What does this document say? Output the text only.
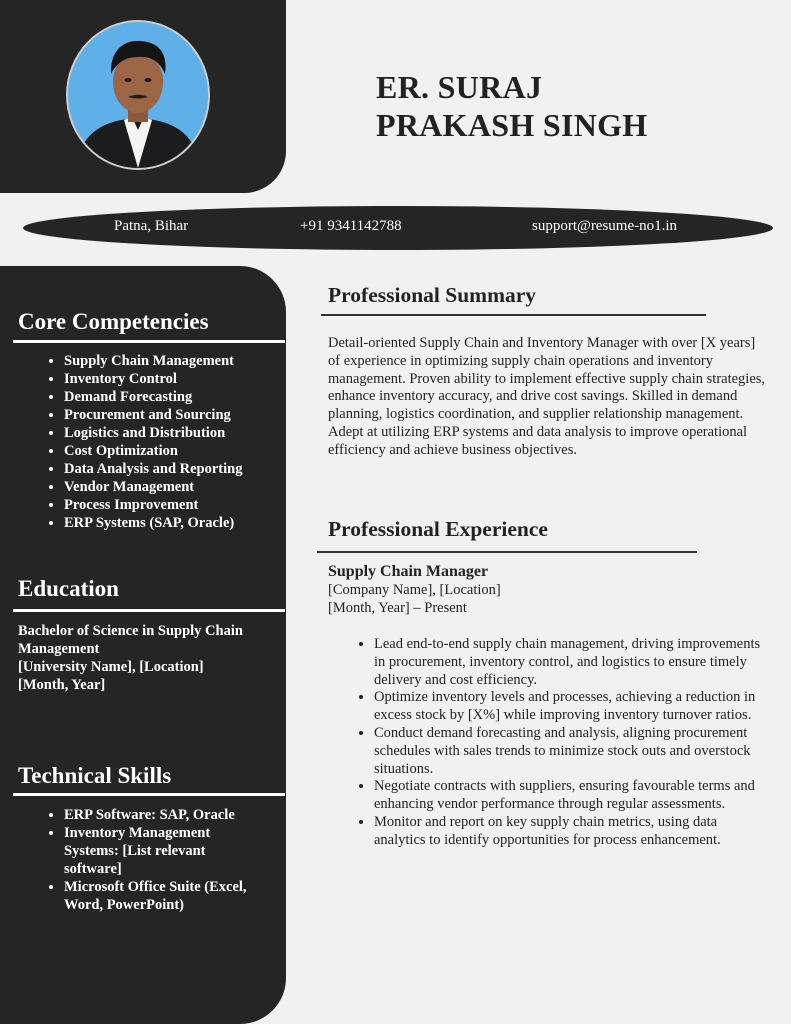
ER. SURAJ
PRAKASH SINGH
Patna, Bihar	+91 9341142788	support@resume-no1.in
Core Competencies
• Supply Chain Management
• Inventory Control
• Demand Forecasting
• Procurement and Sourcing
• Logistics and Distribution
• Cost Optimization
• Data Analysis and Reporting
• Vendor Management
• Process Improvement
• ERP Systems (SAP, Oracle)
Education
Bachelor of Science in Supply Chain Management
[University Name], [Location]
[Month, Year]
Technical Skills
• ERP Software: SAP, Oracle
• Inventory Management Systems: [List relevant software]
• Microsoft Office Suite (Excel, Word, PowerPoint)
Professional Summary

Detail-oriented Supply Chain and Inventory Manager with over [X years] of experience in optimizing supply chain operations and inventory management. Proven ability to implement effective supply chain strategies, enhance inventory accuracy, and drive cost savings. Skilled in demand planning, logistics coordination, and supplier relationship management. Adept at utilizing ERP systems and data analysis to improve operational efficiency and achieve business objectives.

Professional Experience
Supply Chain Manager
[Company Name], [Location]
[Month, Year] – Present
• Lead end-to-end supply chain management, driving improvements in procurement, inventory control, and logistics to ensure timely delivery and cost efficiency.
• Optimize inventory levels and processes, achieving a reduction in excess stock by [X%] while improving inventory turnover ratios.
• Conduct demand forecasting and analysis, aligning procurement schedules with sales trends to minimize stock outs and overstock situations.
• Negotiate contracts with suppliers, ensuring favourable terms and enhancing vendor performance through regular assessments.
• Monitor and report on key supply chain metrics, using data analytics to identify opportunities for process enhancement.
